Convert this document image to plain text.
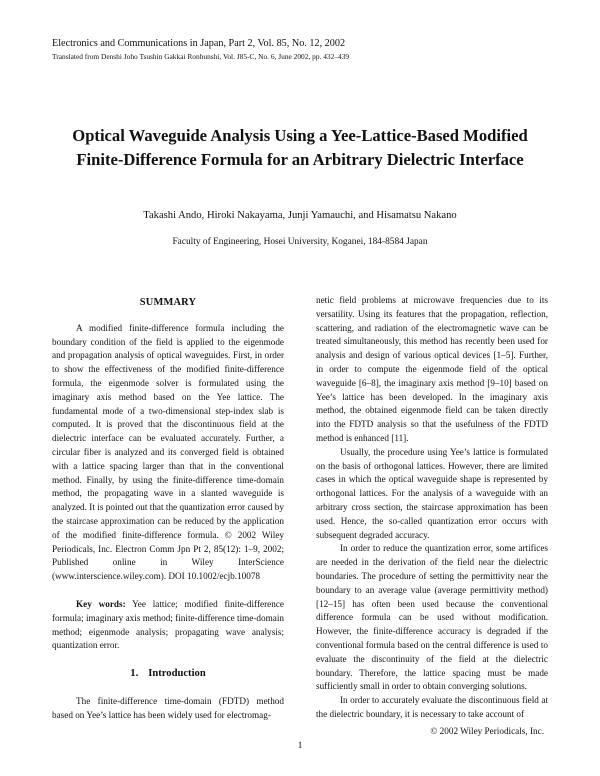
Electronics and Communications in Japan, Part 2, Vol. 85, No. 12, 2002
Translated from Denshi Joho Tsushin Gakkai Ronbunshi, Vol. J85-C, No. 6, June 2002, pp. 432–439
Optical Waveguide Analysis Using a Yee-Lattice-Based Modified
Finite-Difference Formula for an Arbitrary Dielectric Interface
Takashi Ando, Hiroki Nakayama, Junji Yamauchi, and Hisamatsu Nakano
Faculty of Engineering, Hosei University, Koganei, 184-8584 Japan
SUMMARY

A modified finite-difference formula including the boundary condition of the field is applied to the eigenmode and propagation analysis of optical waveguides. First, in order to show the effectiveness of the modified finite-difference formula, the eigenmode solver is formulated using the imaginary axis method based on the Yee lattice. The fundamental mode of a two-dimensional step-index slab is computed. It is proved that the discontinuous field at the dielectric interface can be evaluated accurately. Further, a circular fiber is analyzed and its converged field is obtained with a lattice spacing larger than that in the conventional method. Finally, by using the finite-difference time-domain method, the propagating wave in a slanted waveguide is analyzed. It is pointed out that the quantization error caused by the staircase approximation can be reduced by the application of the modified finite-difference formula. © 2002 Wiley Periodicals, Inc. Electron Comm Jpn Pt 2, 85(12): 1–9, 2002; Published online in Wiley InterScience (www.interscience.wiley.com). DOI 10.1002/ecjb.10078

Key words: Yee lattice; modified finite-difference formula; imaginary axis method; finite-difference time-domain method; eigenmode analysis; propagating wave analysis; quantization error.

1. Introduction

The finite-difference time-domain (FDTD) method based on Yee’s lattice has been widely used for electromag-

netic field problems at microwave frequencies due to its versatility. Using its features that the propagation, reflection, scattering, and radiation of the electromagnetic wave can be treated simultaneously, this method has recently been used for analysis and design of various optical devices [1–5]. Further, in order to compute the eigenmode field of the optical waveguide [6–8], the imaginary axis method [9–10] based on Yee’s lattice has been developed. In the imaginary axis method, the obtained eigenmode field can be taken directly into the FDTD analysis so that the usefulness of the FDTD method is enhanced [11].

Usually, the procedure using Yee’s lattice is formulated on the basis of orthogonal lattices. However, there are limited cases in which the optical waveguide shape is represented by orthogonal lattices. For the analysis of a waveguide with an arbitrary cross section, the staircase approximation has been used. Hence, the so-called quantization error occurs with subsequent degraded accuracy.

In order to reduce the quantization error, some artifices are needed in the derivation of the field near the dielectric boundaries. The procedure of setting the permittivity near the boundary to an average value (average permittivity method) [12–15] has often been used because the conventional difference formula can be used without modification. However, the finite-difference accuracy is degraded if the conventional formula based on the central difference is used to evaluate the discontinuity of the field at the dielectric boundary. Therefore, the lattice spacing must be made sufficiently small in order to obtain converging solutions.

In order to accurately evaluate the discontinuous field at the dielectric boundary, it is necessary to take account of

© 2002 Wiley Periodicals, Inc.
1
